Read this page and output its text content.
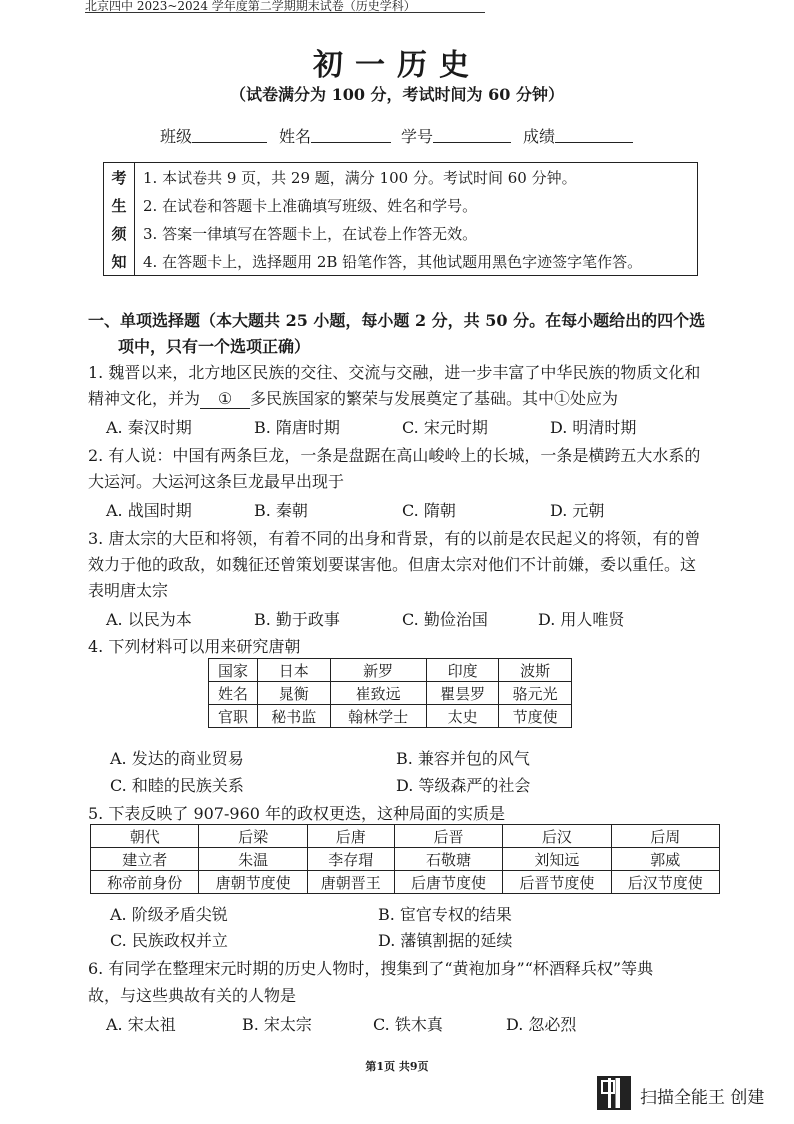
北京四中 2023~2024 学年度第二学期期末试卷（历史学科）
初一历史
（试卷满分为 100 分，考试时间为 60 分钟）
班级	姓名	学号	成绩
考
生
须
知
1. 本试卷共 9 页，共 29 题，满分 100 分。考试时间 60 分钟。
2. 在试卷和答题卡上准确填写班级、姓名和学号。
3. 答案一律填写在答题卡上，在试卷上作答无效。
4. 在答题卡上，选择题用 2B 铅笔作答，其他试题用黑色字迹签字笔作答。
一、单项选择题（本大题共 25 小题，每小题 2 分，共 50 分。在每小题给出的四个选
项中，只有一个选项正确）
1. 魏晋以来，北方地区民族的交往、交流与交融，进一步丰富了中华民族的物质文化和
精神文化，并为 ① 多民族国家的繁荣与发展奠定了基础。其中①处应为
A. 秦汉时期	B. 隋唐时期	C. 宋元时期	D. 明清时期
2. 有人说：中国有两条巨龙，一条是盘踞在高山峻岭上的长城，一条是横跨五大水系的
大运河。大运河这条巨龙最早出现于
A. 战国时期	B. 秦朝	C. 隋朝	D. 元朝
3. 唐太宗的大臣和将领，有着不同的出身和背景，有的以前是农民起义的将领，有的曾
效力于他的政敌，如魏征还曾策划要谋害他。但唐太宗对他们不计前嫌，委以重任。这
表明唐太宗
A. 以民为本	B. 勤于政事	C. 勤俭治国	D. 用人唯贤
4. 下列材料可以用来研究唐朝
国家	日本	新罗	印度	波斯
姓名	晁衡	崔致远	瞿昙罗	骆元光
官职	秘书监	翰林学士	太史	节度使
A. 发达的商业贸易	B. 兼容并包的风气
C. 和睦的民族关系	D. 等级森严的社会
5. 下表反映了 907-960 年的政权更迭，这种局面的实质是
朝代	后梁	后唐	后晋	后汉	后周
建立者	朱温	李存瑁	石敬瑭	刘知远	郭威
称帝前身份	唐朝节度使	唐朝晋王	后唐节度使	后晋节度使	后汉节度使
A. 阶级矛盾尖锐	B. 宦官专权的结果
C. 民族政权并立	D. 藩镇割据的延续
6. 有同学在整理宋元时期的历史人物时，搜集到了“黄袍加身”“杯酒释兵权”等典
故，与这些典故有关的人物是
A. 宋太祖	B. 宋太宗	C. 铁木真	D. 忽必烈
第1页 共9页
扫描全能王 创建
